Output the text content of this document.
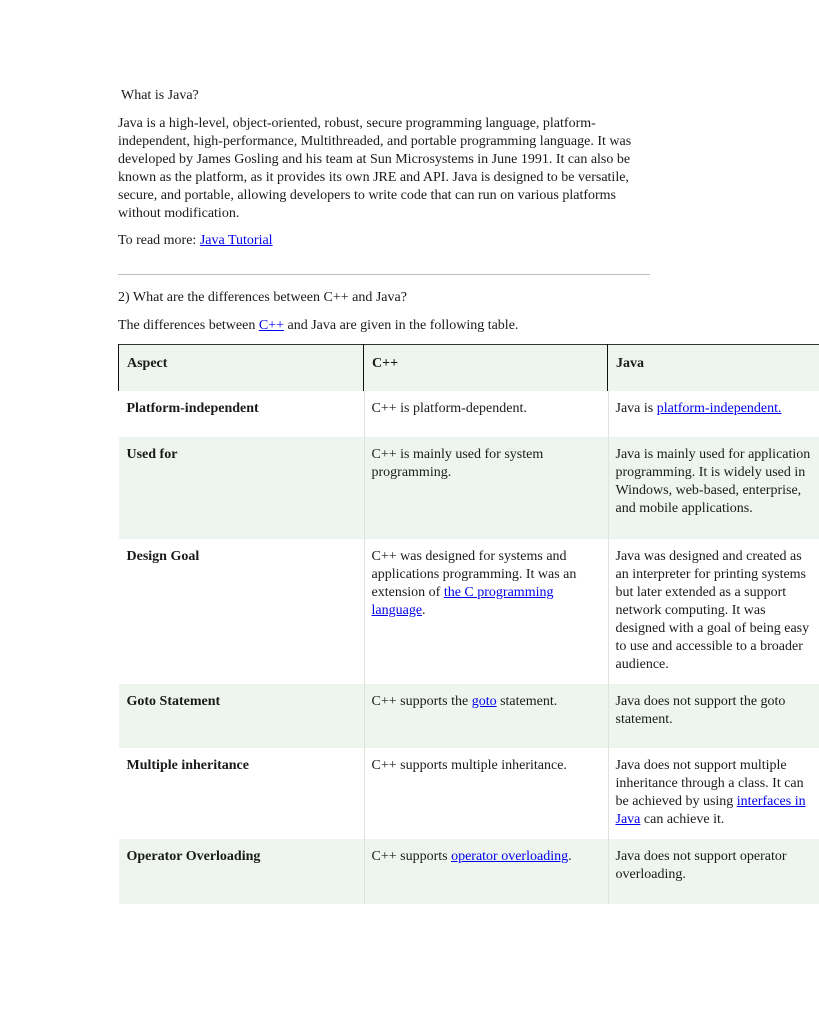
What is Java?

Java is a high-level, object-oriented, robust, secure programming language, platform-independent, high-performance, Multithreaded, and portable programming language. It was developed by James Gosling and his team at Sun Microsystems in June 1991. It can also be known as the platform, as it provides its own JRE and API. Java is designed to be versatile, secure, and portable, allowing developers to write code that can run on various platforms without modification.

To read more: Java Tutorial

2) What are the differences between C++ and Java?

The differences between C++ and Java are given in the following table.

Aspect	C++	Java
Platform-independent	C++ is platform-dependent.	Java is platform-independent.
Used for	C++ is mainly used for system programming.	Java is mainly used for application programming. It is widely used in Windows, web-based, enterprise, and mobile applications.
Design Goal	C++ was designed for systems and applications programming. It was an extension of the C programming language.	Java was designed and created as an interpreter for printing systems but later extended as a support network computing. It was designed with a goal of being easy to use and accessible to a broader audience.
Goto Statement	C++ supports the goto statement.	Java does not support the goto statement.
Multiple inheritance	C++ supports multiple inheritance.	Java does not support multiple inheritance through a class. It can be achieved by using interfaces in Java can achieve it.
Operator Overloading	C++ supports operator overloading.	Java does not support operator overloading.
